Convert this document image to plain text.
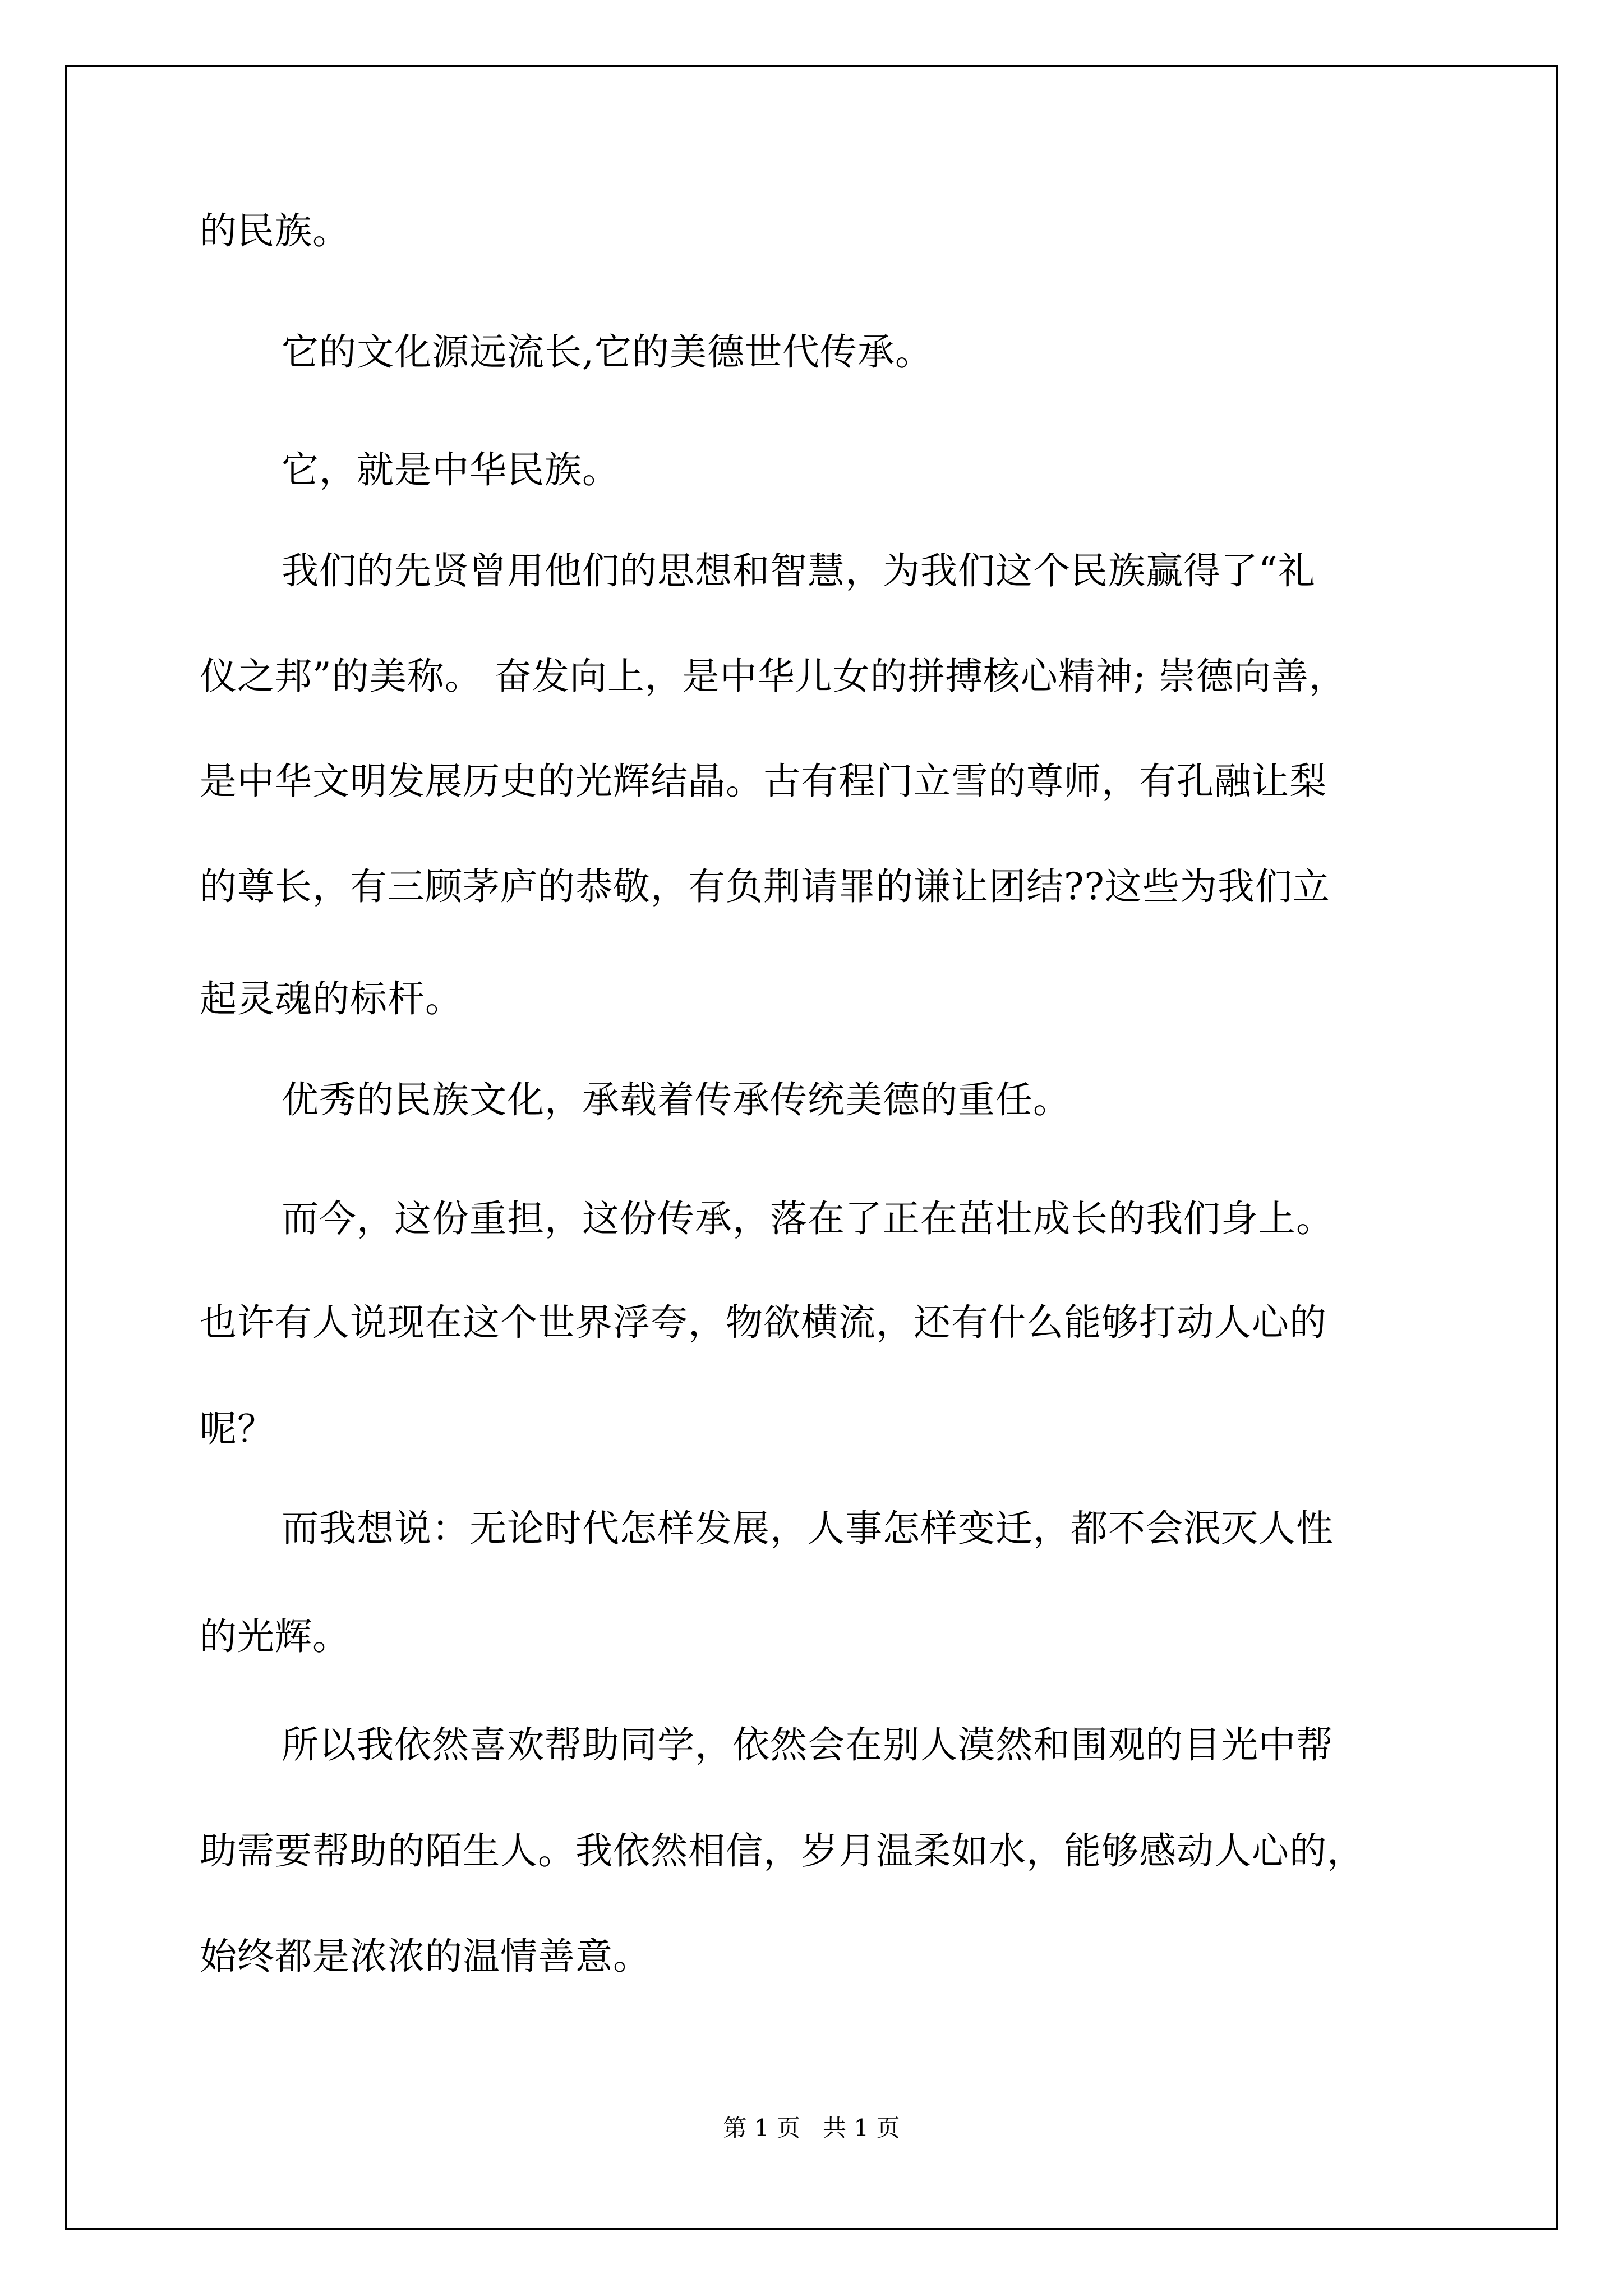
的民族。
它的文化源远流长,它的美德世代传承。
它，就是中华民族。
我们的先贤曾用他们的思想和智慧，为我们这个民族赢得了“礼
仪之邦”的美称。 奋发向上，是中华儿女的拼搏核心精神; 崇德向善，
是中华文明发展历史的光辉结晶。古有程门立雪的尊师，有孔融让梨
的尊长，有三顾茅庐的恭敬，有负荆请罪的谦让团结??这些为我们立
起灵魂的标杆。
优秀的民族文化，承载着传承传统美德的重任。
而今，这份重担，这份传承，落在了正在茁壮成长的我们身上。
也许有人说现在这个世界浮夸，物欲横流，还有什么能够打动人心的
呢？
而我想说：无论时代怎样发展，人事怎样变迁，都不会泯灭人性
的光辉。
所以我依然喜欢帮助同学，依然会在别人漠然和围观的目光中帮
助需要帮助的陌生人。我依然相信，岁月温柔如水，能够感动人心的，
始终都是浓浓的温情善意。
第 1 页   共 1 页
